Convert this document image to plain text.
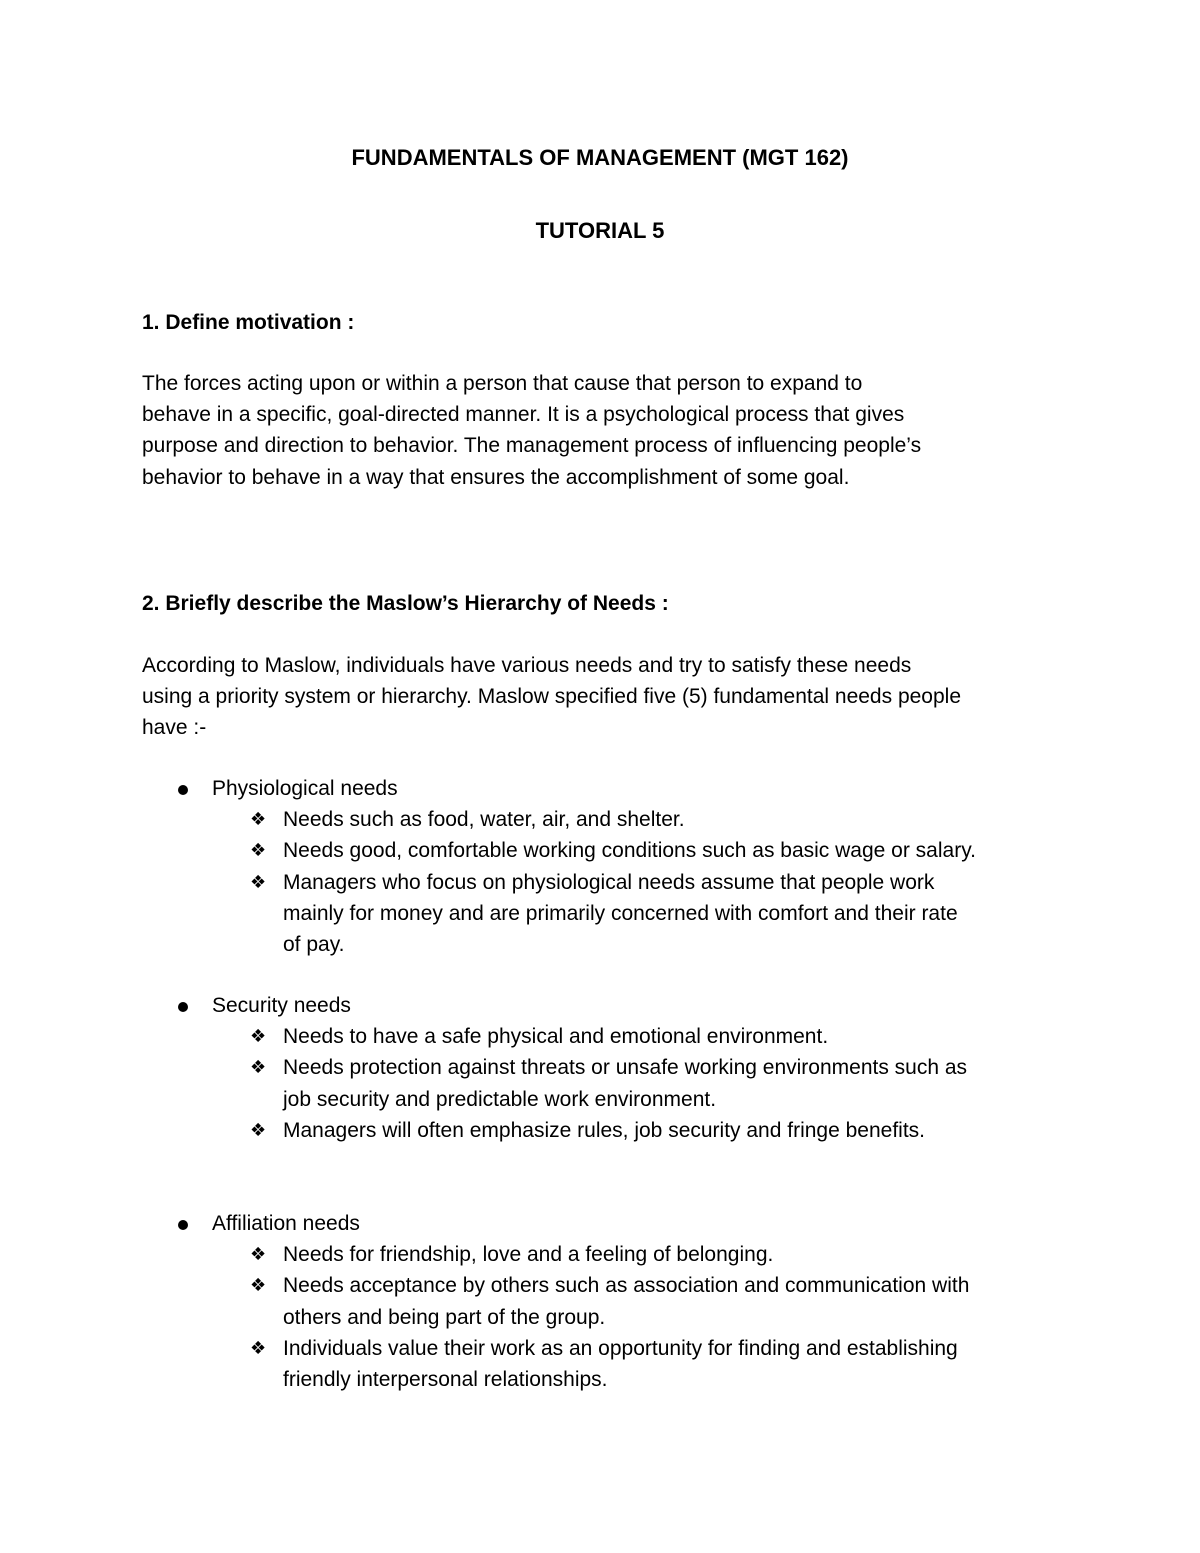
FUNDAMENTALS OF MANAGEMENT (MGT 162)
TUTORIAL 5
1. Define motivation :

The forces acting upon or within a person that cause that person to expand to
behave in a specific, goal-directed manner. It is a psychological process that gives
purpose and direction to behavior. The management process of influencing people’s
behavior to behave in a way that ensures the accomplishment of some goal.

2. Briefly describe the Maslow’s Hierarchy of Needs :

According to Maslow, individuals have various needs and try to satisfy these needs
using a priority system or hierarchy. Maslow specified five (5) fundamental needs people
have :-

Physiological needs
❖ Needs such as food, water, air, and shelter.
❖ Needs good, comfortable working conditions such as basic wage or salary.
❖ Managers who focus on physiological needs assume that people work
mainly for money and are primarily concerned with comfort and their rate
of pay.
Security needs
❖ Needs to have a safe physical and emotional environment.
❖ Needs protection against threats or unsafe working environments such as
job security and predictable work environment.
❖ Managers will often emphasize rules, job security and fringe benefits.
Affiliation needs
❖ Needs for friendship, love and a feeling of belonging.
❖ Needs acceptance by others such as association and communication with
others and being part of the group.
❖ Individuals value their work as an opportunity for finding and establishing
friendly interpersonal relationships.
